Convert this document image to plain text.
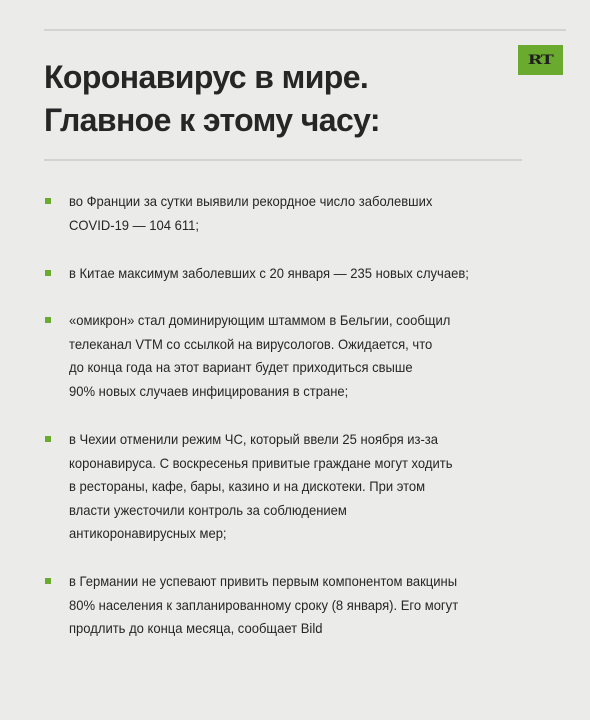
RT
Коронавирус в мире.
Главное к этому часу:
во Франции за сутки выявили рекордное число заболевших
COVID-19 — 104 611;
в Китае максимум заболевших с 20 января — 235 новых случаев;
«омикрон» стал доминирующим штаммом в Бельгии, сообщил
телеканал VTM со ссылкой на вирусологов. Ожидается, что
до конца года на этот вариант будет приходиться свыше
90% новых случаев инфицирования в стране;
в Чехии отменили режим ЧС, который ввели 25 ноября из-за
коронавируса. С воскресенья привитые граждане могут ходить
в рестораны, кафе, бары, казино и на дискотеки. При этом
власти ужесточили контроль за соблюдением
антикоронавирусных мер;
в Германии не успевают привить первым компонентом вакцины
80% населения к запланированному сроку (8 января). Его могут
продлить до конца месяца, сообщает Bild
